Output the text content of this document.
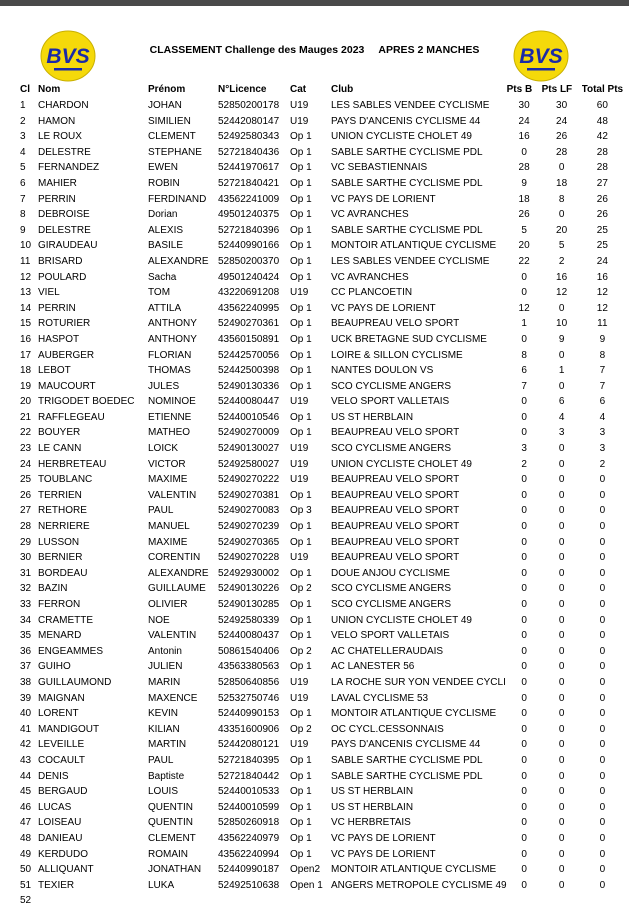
BVS	BVS
CLASSEMENT Challenge des Mauges 2023 APRES 2 MANCHES
Cl	Nom	Prénom	N°Licence	Cat	Club	Pts B	Pts LF	Total Pts
1	CHARDON	JOHAN	52850200178	U19	LES SABLES VENDEE CYCLISME	30	30	60
2	HAMON	SIMILIEN	52442080147	U19	PAYS D'ANCENIS CYCLISME 44	24	24	48
3	LE ROUX	CLEMENT	52492580343	Op 1	UNION CYCLISTE CHOLET 49	16	26	42
4	DELESTRE	STEPHANE	52721840436	Op 1	SABLE SARTHE CYCLISME PDL	0	28	28
5	FERNANDEZ	EWEN	52441970617	Op 1	VC SEBASTIENNAIS	28	0	28
6	MAHIER	ROBIN	52721840421	Op 1	SABLE SARTHE CYCLISME PDL	9	18	27
7	PERRIN	FERDINAND	43562241009	Op 1	VC PAYS DE LORIENT	18	8	26
8	DEBROISE	Dorian	49501240375	Op 1	VC AVRANCHES	26	0	26
9	DELESTRE	ALEXIS	52721840396	Op 1	SABLE SARTHE CYCLISME PDL	5	20	25
10	GIRAUDEAU	BASILE	52440990166	Op 1	MONTOIR ATLANTIQUE CYCLISME	20	5	25
11	BRISARD	ALEXANDRE	52850200370	Op 1	LES SABLES VENDEE CYCLISME	22	2	24
12	POULARD	Sacha	49501240424	Op 1	VC AVRANCHES	0	16	16
13	VIEL	TOM	43220691208	U19	CC PLANCOETIN	0	12	12
14	PERRIN	ATTILA	43562240995	Op 1	VC PAYS DE LORIENT	12	0	12
15	ROTURIER	ANTHONY	52490270361	Op 1	BEAUPREAU VELO SPORT	1	10	11
16	HASPOT	ANTHONY	43560150891	Op 1	UCK BRETAGNE SUD CYCLISME	0	9	9
17	AUBERGER	FLORIAN	52442570056	Op 1	LOIRE & SILLON CYCLISME	8	0	8
18	LEBOT	THOMAS	52442500398	Op 1	NANTES DOULON VS	6	1	7
19	MAUCOURT	JULES	52490130336	Op 1	SCO CYCLISME ANGERS	7	0	7
20	TRIGODET BOEDEC	NOMINOE	52440080447	U19	VELO SPORT VALLETAIS	0	6	6
21	RAFFLEGEAU	ETIENNE	52440010546	Op 1	US ST HERBLAIN	0	4	4
22	BOUYER	MATHEO	52490270009	Op 1	BEAUPREAU VELO SPORT	0	3	3
23	LE CANN	LOICK	52490130027	U19	SCO CYCLISME ANGERS	3	0	3
24	HERBRETEAU	VICTOR	52492580027	U19	UNION CYCLISTE CHOLET 49	2	0	2
25	TOUBLANC	MAXIME	52490270222	U19	BEAUPREAU VELO SPORT	0	0	0
26	TERRIEN	VALENTIN	52490270381	Op 1	BEAUPREAU VELO SPORT	0	0	0
27	RETHORE	PAUL	52490270083	Op 3	BEAUPREAU VELO SPORT	0	0	0
28	NERRIERE	MANUEL	52490270239	Op 1	BEAUPREAU VELO SPORT	0	0	0
29	LUSSON	MAXIME	52490270365	Op 1	BEAUPREAU VELO SPORT	0	0	0
30	BERNIER	CORENTIN	52490270228	U19	BEAUPREAU VELO SPORT	0	0	0
31	BORDEAU	ALEXANDRE	52492930002	Op 1	DOUE ANJOU CYCLISME	0	0	0
32	BAZIN	GUILLAUME	52490130226	Op 2	SCO CYCLISME ANGERS	0	0	0
33	FERRON	OLIVIER	52490130285	Op 1	SCO CYCLISME ANGERS	0	0	0
34	CRAMETTE	NOE	52492580339	Op 1	UNION CYCLISTE CHOLET 49	0	0	0
35	MENARD	VALENTIN	52440080437	Op 1	VELO SPORT VALLETAIS	0	0	0
36	ENGEAMMES	Antonin	50861540406	Op 2	AC CHATELLERAUDAIS	0	0	0
37	GUIHO	JULIEN	43563380563	Op 1	AC LANESTER 56	0	0	0
38	GUILLAUMOND	MARIN	52850640856	U19	LA ROCHE SUR YON VENDEE CYCLI	0	0	0
39	MAIGNAN	MAXENCE	52532750746	U19	LAVAL CYCLISME 53	0	0	0
40	LORENT	KEVIN	52440990153	Op 1	MONTOIR ATLANTIQUE CYCLISME	0	0	0
41	MANDIGOUT	KILIAN	43351600906	Op 2	OC CYCL.CESSONNAIS	0	0	0
42	LEVEILLE	MARTIN	52442080121	U19	PAYS D'ANCENIS CYCLISME 44	0	0	0
43	COCAULT	PAUL	52721840395	Op 1	SABLE SARTHE CYCLISME PDL	0	0	0
44	DENIS	Baptiste	52721840442	Op 1	SABLE SARTHE CYCLISME PDL	0	0	0
45	BERGAUD	LOUIS	52440010533	Op 1	US ST HERBLAIN	0	0	0
46	LUCAS	QUENTIN	52440010599	Op 1	US ST HERBLAIN	0	0	0
47	LOISEAU	QUENTIN	52850260918	Op 1	VC HERBRETAIS	0	0	0
48	DANIEAU	CLEMENT	43562240979	Op 1	VC PAYS DE LORIENT	0	0	0
49	KERDUDO	ROMAIN	43562240994	Op 1	VC PAYS DE LORIENT	0	0	0
50	ALLIQUANT	JONATHAN	52440990187	Open2	MONTOIR ATLANTIQUE CYCLISME	0	0	0
51	TEXIER	LUKA	52492510638	Open 1	ANGERS METROPOLE CYCLISME 49	0	0	0
52								
